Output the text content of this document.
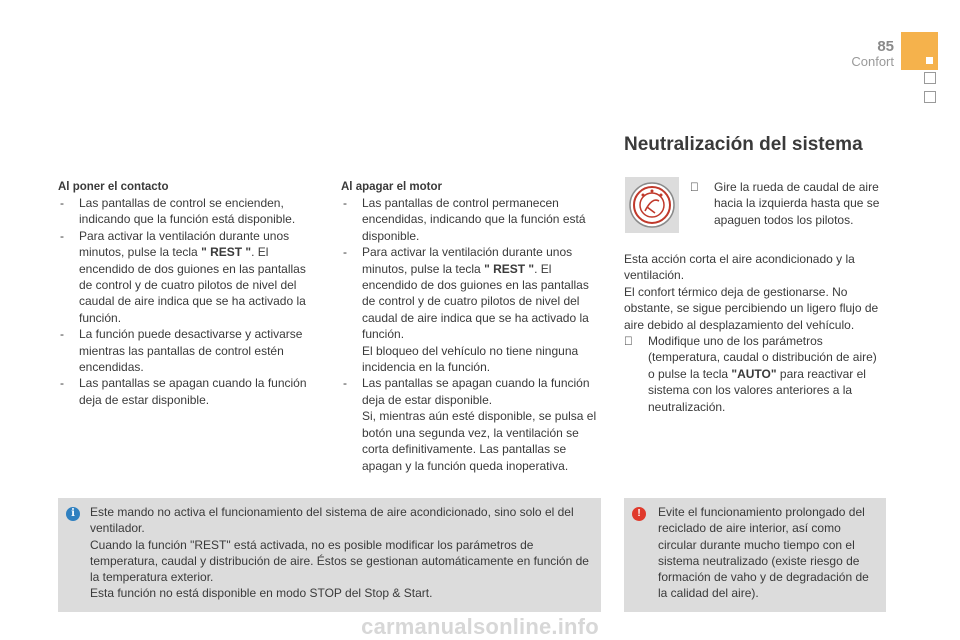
85
Confort
Neutralización del sistema
Al poner el contacto
- Las pantallas de control se encienden, indicando que la función está disponible.
- Para activar la ventilación durante unos minutos, pulse la tecla " REST ". El encendido de dos guiones en las pantallas de control y de cuatro pilotos de nivel del caudal de aire indica que se ha activado la función.
- La función puede desactivarse y activarse mientras las pantallas de control estén encendidas.
- Las pantallas se apagan cuando la función deja de estar disponible.
Al apagar el motor
- Las pantallas de control permanecen encendidas, indicando que la función está disponible.
- Para activar la ventilación durante unos minutos, pulse la tecla " REST ". El encendido de dos guiones en las pantallas de control y de cuatro pilotos de nivel del caudal de aire indica que se ha activado la función.
El bloqueo del vehículo no tiene ninguna incidencia en la función.
- Las pantallas se apagan cuando la función deja de estar disponible.
Si, mientras aún esté disponible, se pulsa el botón una segunda vez, la ventilación se corta definitivamente. Las pantallas se apagan y la función queda inoperativa.
Gire la rueda de caudal de aire hacia la izquierda hasta que se apaguen todos los pilotos.
Esta acción corta el aire acondicionado y la ventilación.
El confort térmico deja de gestionarse. No obstante, se sigue percibiendo un ligero flujo de aire debido al desplazamiento del vehículo.
Modifique uno de los parámetros (temperatura, caudal o distribución de aire) o pulse la tecla "AUTO" para reactivar el sistema con los valores anteriores a la neutralización.
i	Este mando no activa el funcionamiento del sistema de aire acondicionado, sino solo el del ventilador.
Cuando la función "REST" está activada, no es posible modificar los parámetros de temperatura, caudal y distribución de aire. Éstos se gestionan automáticamente en función de la temperatura exterior.
Esta función no está disponible en modo STOP del Stop & Start.
!	Evite el funcionamiento prolongado del reciclado de aire interior, así como circular durante mucho tiempo con el sistema neutralizado (existe riesgo de formación de vaho y de degradación de la calidad del aire).
carmanualsonline.info
